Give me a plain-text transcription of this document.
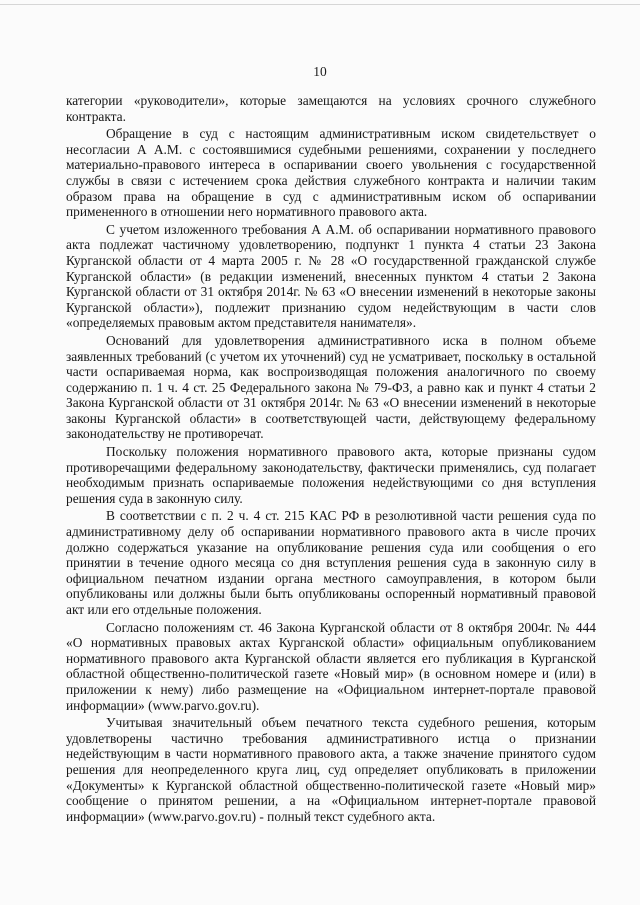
10

категории «руководители», которые замещаются на условиях срочного служебного контракта.

Обращение в суд с настоящим административным иском свидетельствует о несогласии А А.М. с состоявшимися судебными решениями, сохранении у последнего материально-правового интереса в оспаривании своего увольнения с государственной службы в связи с истечением срока действия служебного контракта и наличии таким образом права на обращение в суд с административным иском об оспаривании примененного в отношении него нормативного правового акта.

С учетом изложенного требования А А.М. об оспаривании нормативного правового акта подлежат частичному удовлетворению, подпункт 1 пункта 4 статьи 23 Закона Курганской области от 4 марта 2005 г. № 28 «О государственной гражданской службе Курганской области» (в редакции изменений, внесенных пунктом 4 статьи 2 Закона Курганской области от 31 октября 2014г. № 63 «О внесении изменений в некоторые законы Курганской области»), подлежит признанию судом недействующим в части слов «определяемых правовым актом представителя нанимателя».

Оснований для удовлетворения административного иска в полном объеме заявленных требований (с учетом их уточнений) суд не усматривает, поскольку в остальной части оспариваемая норма, как воспроизводящая положения аналогичного по своему содержанию п. 1 ч. 4 ст. 25 Федерального закона № 79-ФЗ, а равно как и пункт 4 статьи 2 Закона Курганской области от 31 октября 2014г. № 63 «О внесении изменений в некоторые законы Курганской области» в соответствующей части, действующему федеральному законодательству не противоречат.

Поскольку положения нормативного правового акта, которые признаны судом противоречащими федеральному законодательству, фактически применялись, суд полагает необходимым признать оспариваемые положения недействующими со дня вступления решения суда в законную силу.

В соответствии с п. 2 ч. 4 ст. 215 КАС РФ в резолютивной части решения суда по административному делу об оспаривании нормативного правового акта в числе прочих должно содержаться указание на опубликование решения суда или сообщения о его принятии в течение одного месяца со дня вступления решения суда в законную силу в официальном печатном издании органа местного самоуправления, в котором были опубликованы или должны были быть опубликованы оспоренный нормативный правовой акт или его отдельные положения.

Согласно положениям ст. 46 Закона Курганской области от 8 октября 2004г. № 444 «О нормативных правовых актах Курганской области» официальным опубликованием нормативного правового акта Курганской области является его публикация в Курганской областной общественно-политической газете «Новый мир» (в основном номере и (или) в приложении к нему) либо размещение на «Официальном интернет-портале правовой информации» (www.parvo.gov.ru).

Учитывая значительный объем печатного текста судебного решения, которым удовлетворены частично требования административного истца о признании недействующим в части нормативного правового акта, а также значение принятого судом решения для неопределенного круга лиц, суд определяет опубликовать в приложении «Документы» к Курганской областной общественно-политической газете «Новый мир» сообщение о принятом решении, а на «Официальном интернет-портале правовой информации» (www.parvo.gov.ru) - полный текст судебного акта.
